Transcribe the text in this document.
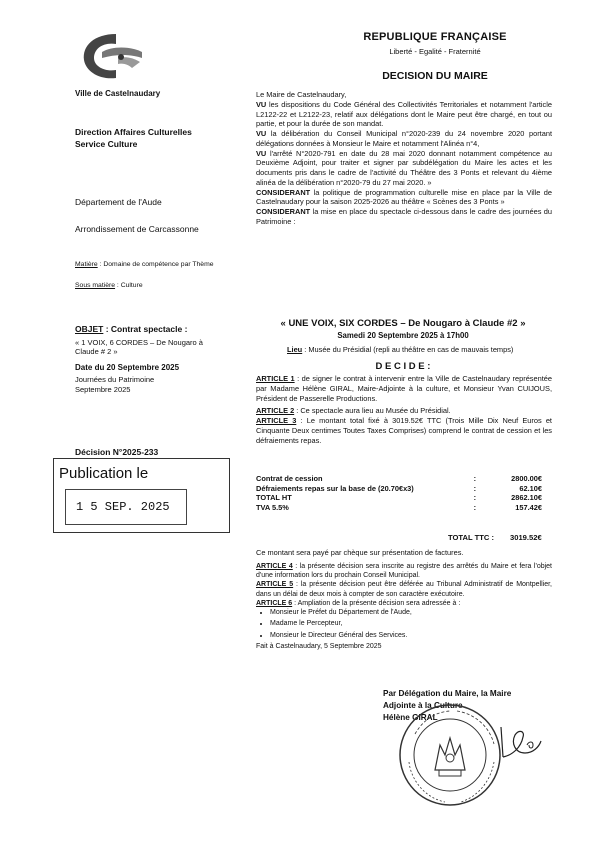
REPUBLIQUE FRANÇAISE
Liberté - Egalité - Fraternité
DECISION DU MAIRE
Ville de Castelnaudary
Direction Affaires Culturelles
Service Culture
Département de l'Aude
Arrondissement de Carcassonne
Matière : Domaine de compétence par Thème
Sous matière : Culture
OBJET : Contrat spectacle :
« 1 VOIX, 6 CORDES – De Nougaro à Claude # 2 »
Date du 20 Septembre 2025
Journées du Patrimoine
Septembre 2025
Décision N°2025-233
Publication le
1 5 SEP. 2025
Le Maire de Castelnaudary,
VU les dispositions du Code Général des Collectivités Territoriales et notamment l'article L2122-22 et L2122-23, relatif aux délégations dont le Maire peut être chargé, en tout ou partie, et pour la durée de son mandat.
VU la délibération du Conseil Municipal n°2020-239 du 24 novembre 2020 portant délégations données à Monsieur le Maire et notamment l'Alinéa n°4,
VU l'arrêté N°2020-791 en date du 28 mai 2020 donnant notamment compétence au Deuxième Adjoint, pour traiter et signer par subdélégation du Maire les actes et les documents pris dans le cadre de l'activité du Théâtre des 3 Ponts et relevant du 4ième alinéa de la délibération n°2020-79 du 27 mai 2020. »
CONSIDERANT la politique de programmation culturelle mise en place par la Ville de Castelnaudary pour la saison 2025-2026 au théâtre « Scènes des 3 Ponts »
CONSIDERANT la mise en place du spectacle ci-dessous dans le cadre des journées du Patrimoine :
« UNE VOIX, SIX CORDES – De Nougaro à Claude #2 »
Samedi 20 Septembre 2025 à 17h00
Lieu : Musée du Présidial (repli au théâtre en cas de mauvais temps)
D E C I D E :
ARTICLE 1 : de signer le contrat à intervenir entre la Ville de Castelnaudary représentée par Madame Hélène GIRAL, Maire-Adjointe à la culture, et Monsieur Yvan CUIJOUS, Président de Passerelle Productions.
ARTICLE 2 : Ce spectacle aura lieu au Musée du Présidial.
ARTICLE 3 : Le montant total fixé à 3019.52€ TTC (Trois Mille Dix Neuf Euros et Cinquante Deux centimes Toutes Taxes Comprises) comprend le contrat de cession et les défraiements repas.
Contrat de cession	:	2800.00€
Défraiements repas sur la base de (20.70€x3)	:	62.10€
TOTAL HT	:	2862.10€
TVA 5.5%	:	157.42€
TOTAL TTC : 3019.52€
Ce montant sera payé par chèque sur présentation de factures.
ARTICLE 4 : la présente décision sera inscrite au registre des arrêtés du Maire et fera l'objet d'une information lors du prochain Conseil Municipal.
ARTICLE 5 : la présente décision peut être déférée au Tribunal Administratif de Montpellier, dans un délai de deux mois à compter de son caractère exécutoire.
ARTICLE 6 : Ampliation de la présente décision sera adressée à :
• Monsieur le Préfet du Département de l'Aude,
• Madame le Percepteur,
• Monsieur le Directeur Général des Services.
Fait à Castelnaudary, 5 Septembre 2025
Par Délégation du Maire, la Maire
Adjointe à la Culture
Hélène GIRAL
